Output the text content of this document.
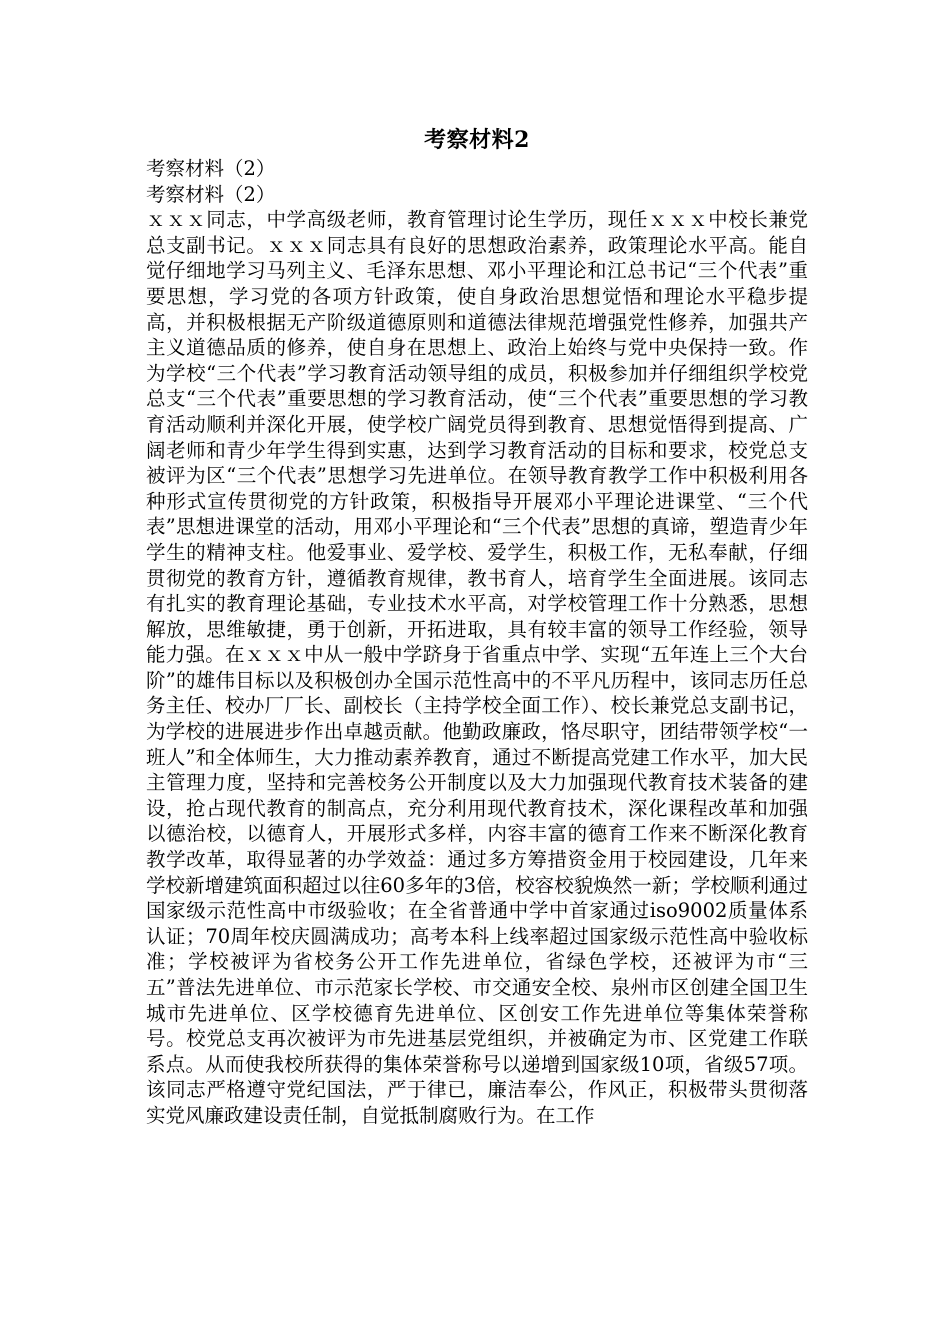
考察材料2

考察材料（2）

考察材料（2）

ｘｘｘ同志，中学高级老师，教育管理讨论生学历，现任ｘｘｘ中校长兼党总支副书记。ｘｘｘ同志具有良好的思想政治素养，政策理论水平高。能自觉仔细地学习马列主义、毛泽东思想、邓小平理论和江总书记“三个代表”重要思想，学习党的各项方针政策，使自身政治思想觉悟和理论水平稳步提高，并积极根据无产阶级道德原则和道德法律规范增强党性修养，加强共产主义道德品质的修养，使自身在思想上、政治上始终与党中央保持一致。作为学校“三个代表”学习教育活动领导组的成员，积极参加并仔细组织学校党总支“三个代表”重要思想的学习教育活动，使“三个代表”重要思想的学习教育活动顺利并深化开展，使学校广阔党员得到教育、思想觉悟得到提高、广阔老师和青少年学生得到实惠，达到学习教育活动的目标和要求，校党总支被评为区“三个代表”思想学习先进单位。在领导教育教学工作中积极利用各种形式宣传贯彻党的方针政策，积极指导开展邓小平理论进课堂、“三个代表”思想进课堂的活动，用邓小平理论和“三个代表”思想的真谛，塑造青少年学生的精神支柱。他爱事业、爱学校、爱学生，积极工作，无私奉献，仔细贯彻党的教育方针，遵循教育规律，教书育人，培育学生全面进展。该同志有扎实的教育理论基础，专业技术水平高，对学校管理工作十分熟悉，思想解放，思维敏捷，勇于创新，开拓进取，具有较丰富的领导工作经验，领导能力强。在ｘｘｘ中从一般中学跻身于省重点中学、实现“五年连上三个大台阶”的雄伟目标以及积极创办全国示范性高中的不平凡历程中，该同志历任总务主任、校办厂厂长、副校长（主持学校全面工作）、校长兼党总支副书记，为学校的进展进步作出卓越贡献。他勤政廉政，恪尽职守，团结带领学校“一班人”和全体师生，大力推动素养教育，通过不断提高党建工作水平，加大民主管理力度，坚持和完善校务公开制度以及大力加强现代教育技术装备的建设，抢占现代教育的制高点，充分利用现代教育技术，深化课程改革和加强以德治校，以德育人，开展形式多样，内容丰富的德育工作来不断深化教育教学改革，取得显著的办学效益：通过多方筹措资金用于校园建设，几年来学校新增建筑面积超过以往60多年的3倍，校容校貌焕然一新；学校顺利通过国家级示范性高中市级验收；在全省普通中学中首家通过iso9002质量体系认证；70周年校庆圆满成功；高考本科上线率超过国家级示范性高中验收标准；学校被评为省校务公开工作先进单位，省绿色学校，还被评为市“三五”普法先进单位、市示范家长学校、市交通安全校、泉州市区创建全国卫生城市先进单位、区学校德育先进单位、区创安工作先进单位等集体荣誉称号。校党总支再次被评为市先进基层党组织，并被确定为市、区党建工作联系点。从而使我校所获得的集体荣誉称号以递增到国家级10项，省级57项。该同志严格遵守党纪国法，严于律已，廉洁奉公，作风正，积极带头贯彻落实党风廉政建设责任制，自觉抵制腐败行为。在工作
